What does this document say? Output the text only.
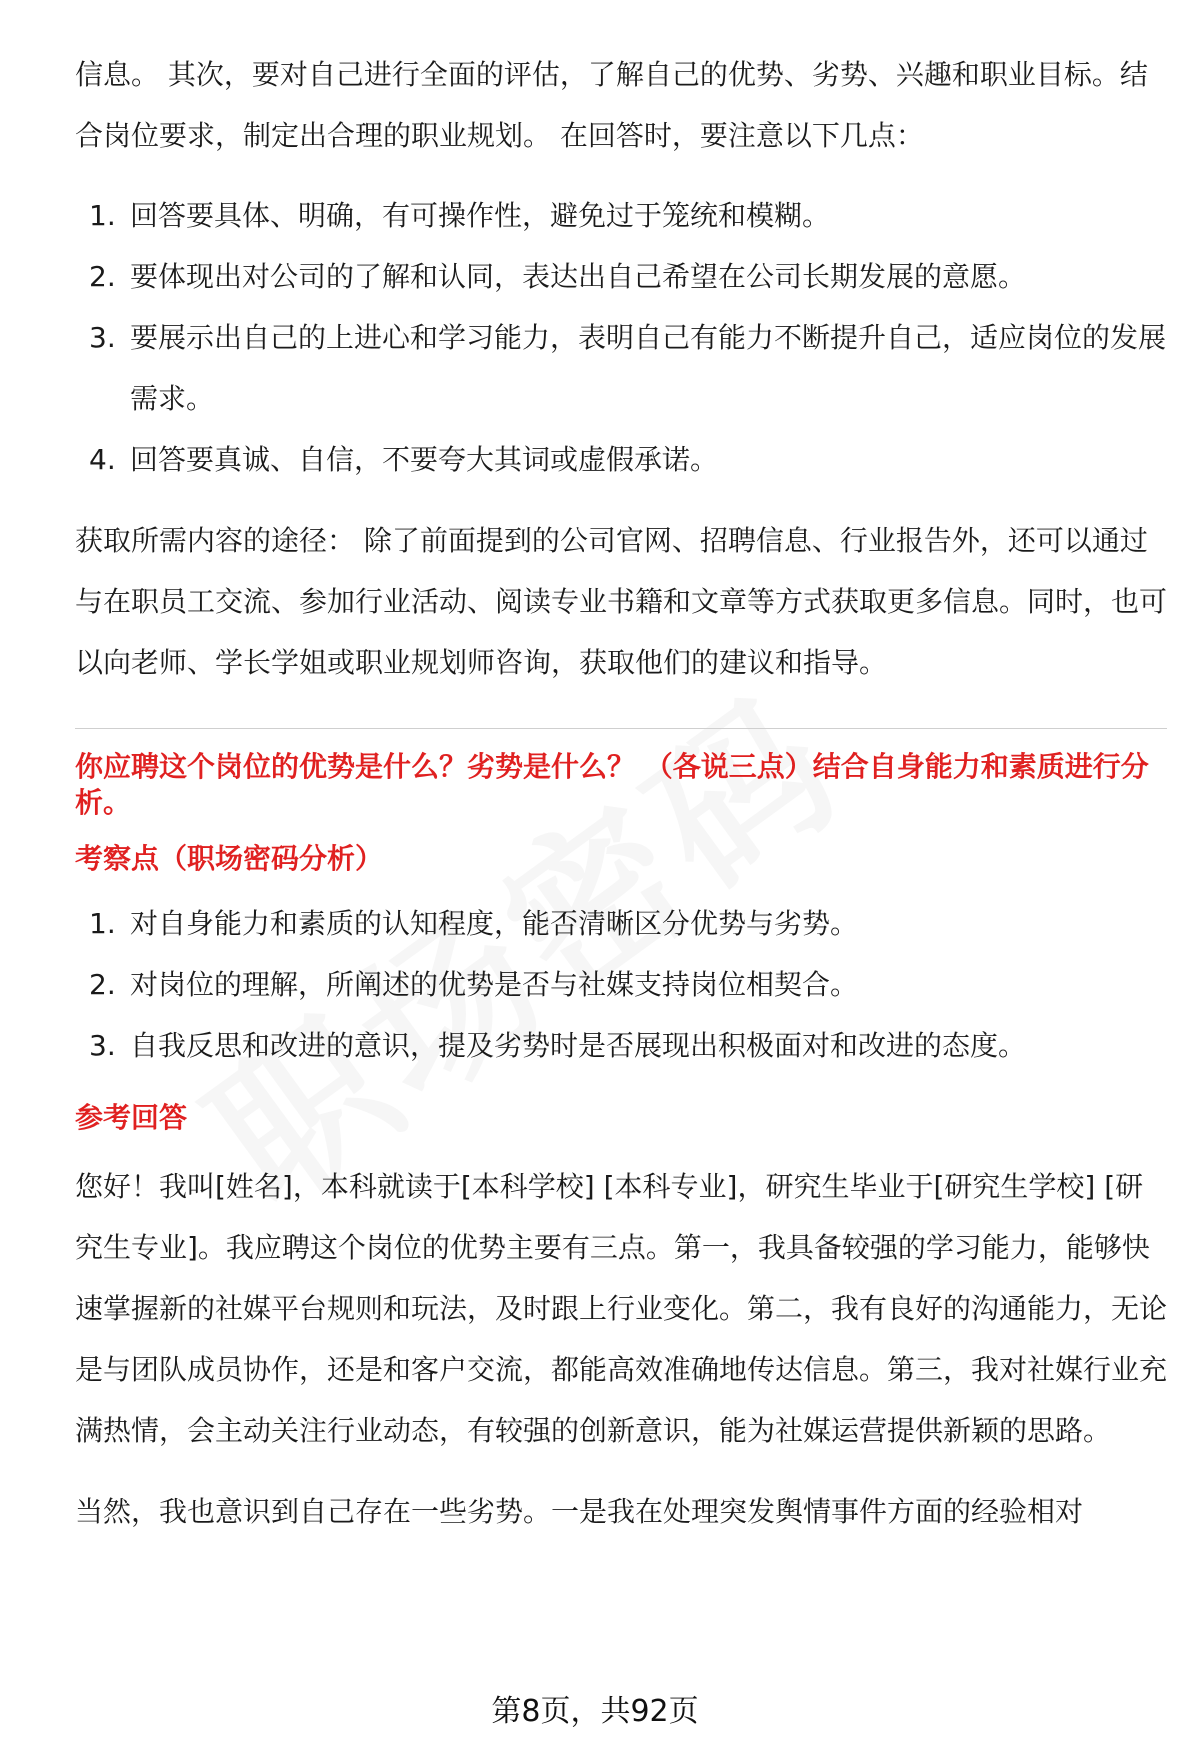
信息。 其次，要对自己进行全面的评估，了解自己的优势、劣势、兴趣和职业目标。结合岗位要求，制定出合理的职业规划。 在回答时，要注意以下几点：

1. 回答要具体、明确，有可操作性，避免过于笼统和模糊。
2. 要体现出对公司的了解和认同，表达出自己希望在公司长期发展的意愿。
3. 要展示出自己的上进心和学习能力，表明自己有能力不断提升自己，适应岗位的发展需求。
4. 回答要真诚、自信，不要夸大其词或虚假承诺。

获取所需内容的途径： 除了前面提到的公司官网、招聘信息、行业报告外，还可以通过与在职员工交流、参加行业活动、阅读专业书籍和文章等方式获取更多信息。同时，也可以向老师、学长学姐或职业规划师咨询，获取他们的建议和指导。

你应聘这个岗位的优势是什么？劣势是什么？ （各说三点）结合自身能力和素质进行分析。

考察点（职场密码分析）

1. 对自身能力和素质的认知程度，能否清晰区分优势与劣势。
2. 对岗位的理解，所阐述的优势是否与社媒支持岗位相契合。
3. 自我反思和改进的意识，提及劣势时是否展现出积极面对和改进的态度。

参考回答

您好！我叫[姓名]，本科就读于[本科学校] [本科专业]，研究生毕业于[研究生学校] [研究生专业]。我应聘这个岗位的优势主要有三点。第一，我具备较强的学习能力，能够快速掌握新的社媒平台规则和玩法，及时跟上行业变化。第二，我有良好的沟通能力，无论是与团队成员协作，还是和客户交流，都能高效准确地传达信息。第三，我对社媒行业充满热情，会主动关注行业动态，有较强的创新意识，能为社媒运营提供新颖的思路。

当然，我也意识到自己存在一些劣势。一是我在处理突发舆情事件方面的经验相对

第8页，共92页
